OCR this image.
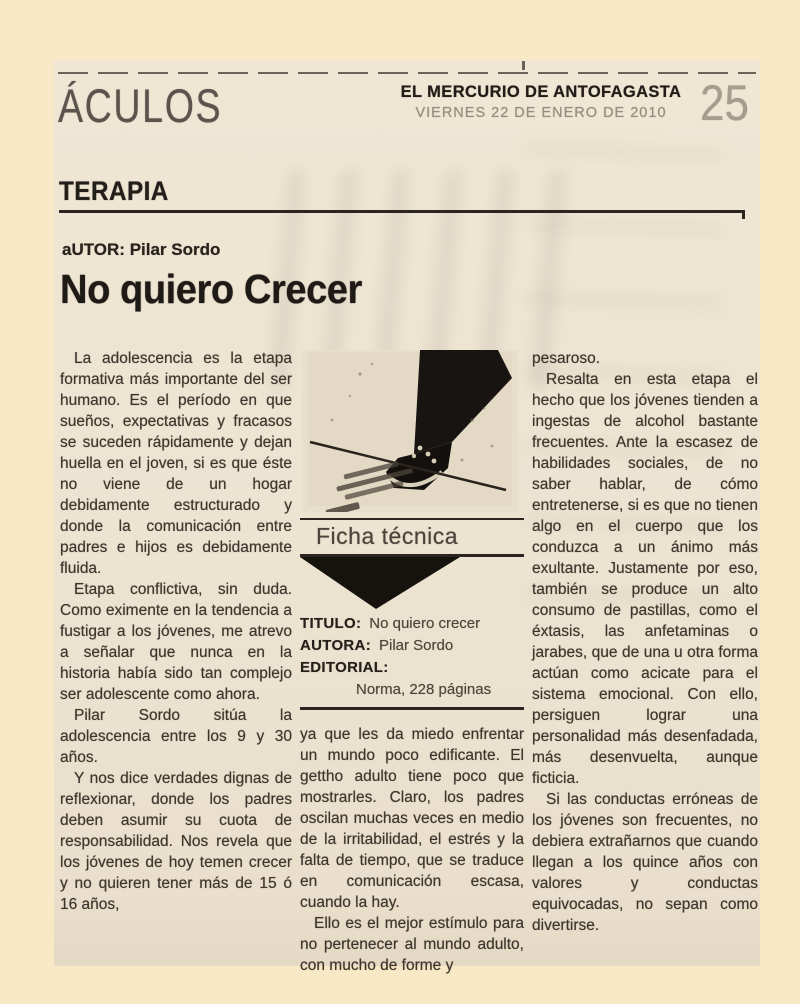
ÁCULOS	EL MERCURIO DE ANTOFAGASTA
VIERNES 22 DE ENERO DE 2010 25
TERAPIA
aUTOR: Pilar Sordo
No quiero Crecer

La adolescencia es la etapa formativa más importante del ser humano. Es el período en que sueños, expectativas y fracasos se suceden rápidamente y dejan huella en el joven, si es que éste no viene de un hogar debidamente estructurado y donde la comunicación entre padres e hijos es debidamente fluida.

Etapa conflictiva, sin duda. Como eximente en la tendencia a fustigar a los jóvenes, me atrevo a señalar que nunca en la historia había sido tan complejo ser adolescente como ahora.

Pilar Sordo sitúa la adolescencia entre los 9 y 30 años.

Y nos dice verdades dignas de reflexionar, donde los padres deben asumir su cuota de responsabilidad. Nos revela que los jóvenes de hoy temen crecer y no quieren tener más de 15 ó 16 años,

Ficha técnica
TITULO: No quiero crecer
AUTORA: Pilar Sordo
EDITORIAL:
Norma, 228 páginas

ya que les da miedo enfrentar un mundo poco edificante. El gettho adulto tiene poco que mostrarles. Claro, los padres oscilan muchas veces en medio de la irritabilidad, el estrés y la falta de tiempo, que se traduce en comunicación escasa, cuando la hay.

Ello es el mejor estímulo para no pertenecer al mundo adulto, con mucho de forme y

pesaroso.

Resalta en esta etapa el hecho que los jóvenes tienden a ingestas de alcohol bastante frecuentes. Ante la escasez de habilidades sociales, de no saber hablar, de cómo entretenerse, si es que no tienen algo en el cuerpo que los conduzca a un ánimo más exultante. Justamente por eso, también se produce un alto consumo de pastillas, como el éxtasis, las anfetaminas o jarabes, que de una u otra forma actúan como acicate para el sistema emocional. Con ello, persiguen lograr una personalidad más desenfadada, más desenvuelta, aunque ficticia.

Si las conductas erróneas de los jóvenes son frecuentes, no debiera extrañarnos que cuando llegan a los quince años con valores y conductas equivocadas, no sepan como divertirse.
